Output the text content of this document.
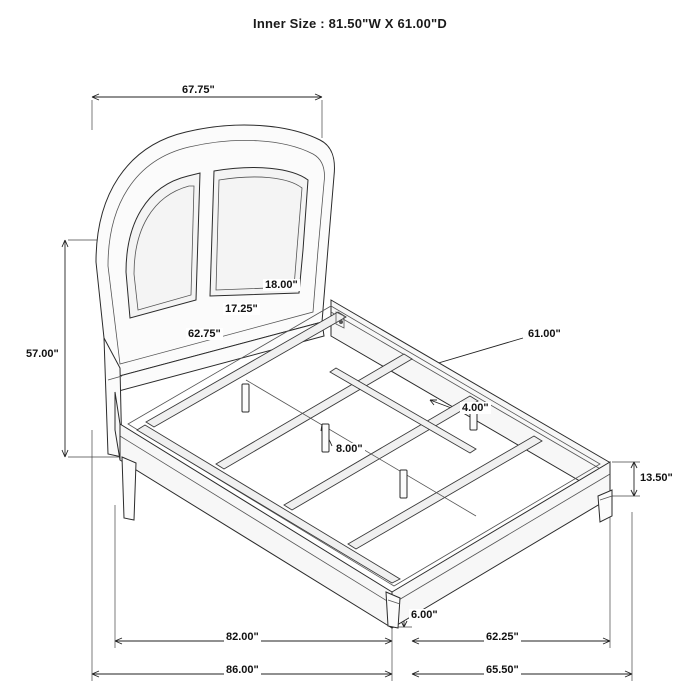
Inner Size : 81.50"W X 61.00"D
67.75"
57.00"
18.00"
17.25"
62.75"	61.00"
4.00"
8.00"
13.50"
6.00"
82.00"	62.25"
86.00"	65.50"
